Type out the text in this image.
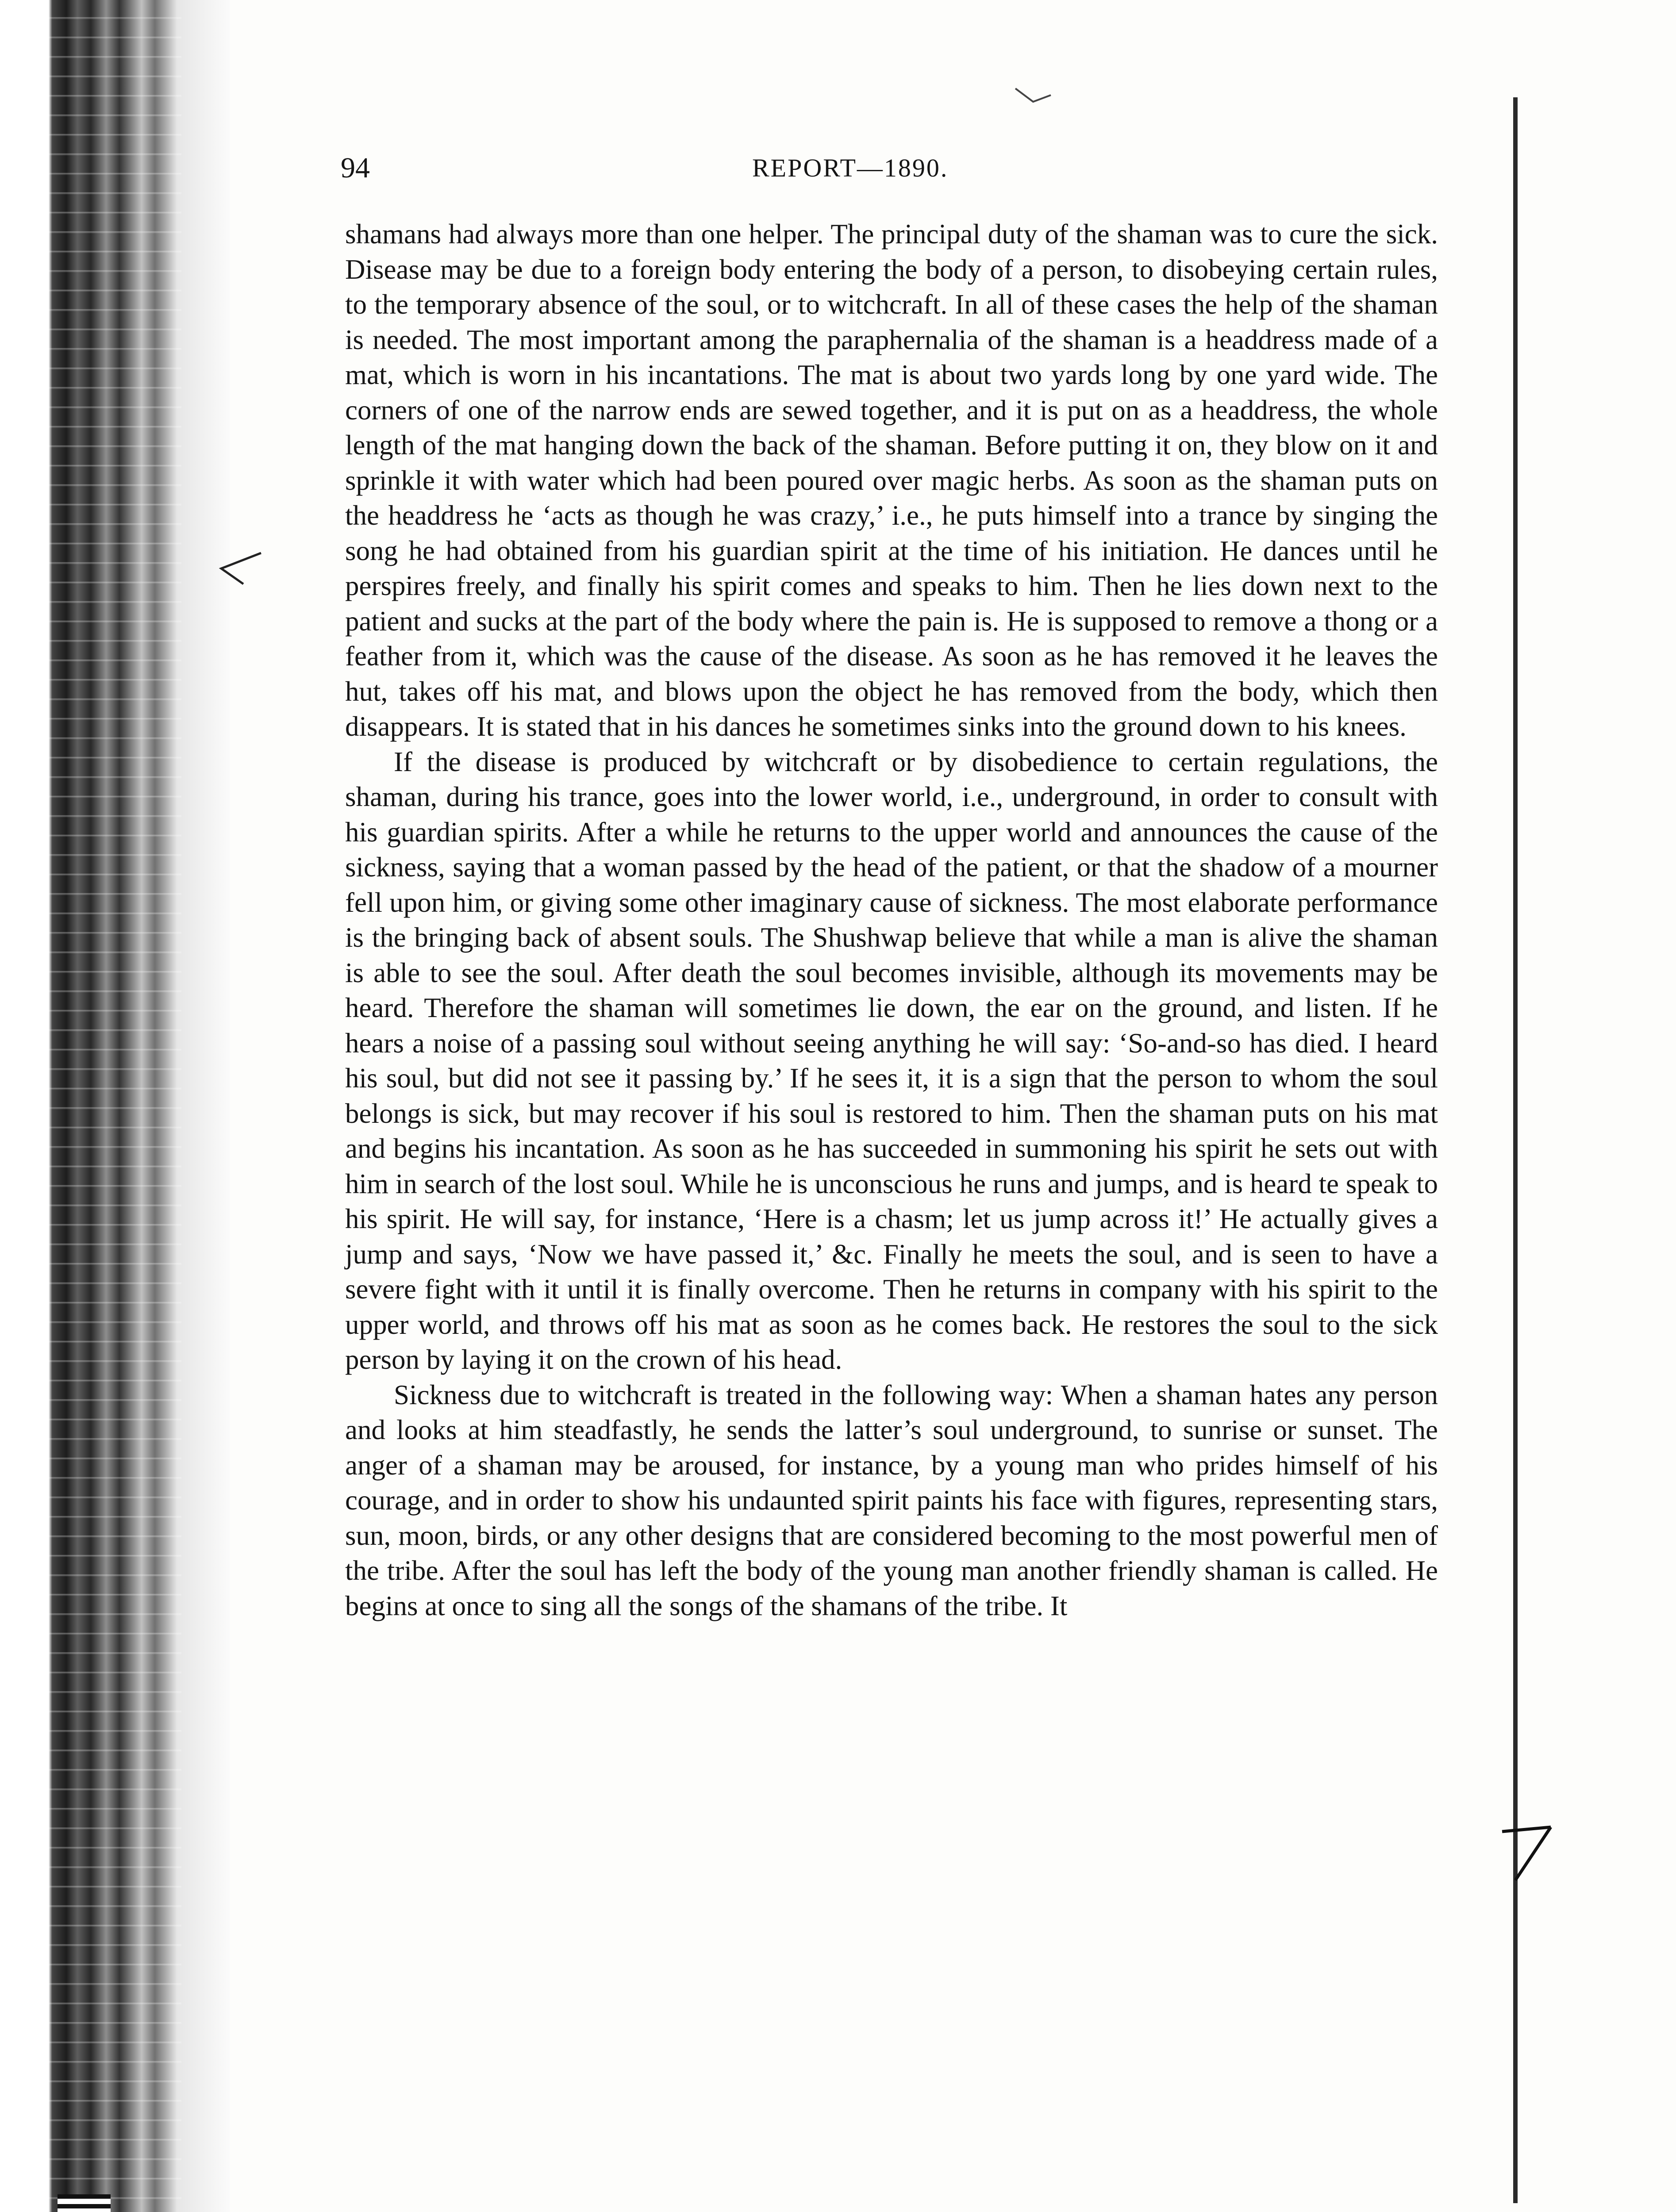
94	REPORT—1890.

shamans had always more than one helper. The principal duty of the shaman was to cure the sick. Disease may be due to a foreign body entering the body of a person, to disobeying certain rules, to the temporary absence of the soul, or to witchcraft. In all of these cases the help of the shaman is needed. The most important among the paraphernalia of the shaman is a headdress made of a mat, which is worn in his incantations. The mat is about two yards long by one yard wide. The corners of one of the narrow ends are sewed together, and it is put on as a headdress, the whole length of the mat hanging down the back of the shaman. Before putting it on, they blow on it and sprinkle it with water which had been poured over magic herbs. As soon as the shaman puts on the headdress he ‘acts as though he was crazy,’ i.e., he puts himself into a trance by singing the song he had obtained from his guardian spirit at the time of his initiation. He dances until he perspires freely, and finally his spirit comes and speaks to him. Then he lies down next to the patient and sucks at the part of the body where the pain is. He is supposed to remove a thong or a feather from it, which was the cause of the disease. As soon as he has removed it he leaves the hut, takes off his mat, and blows upon the object he has removed from the body, which then disappears. It is stated that in his dances he sometimes sinks into the ground down to his knees.

If the disease is produced by witchcraft or by disobedience to certain regulations, the shaman, during his trance, goes into the lower world, i.e., underground, in order to consult with his guardian spirits. After a while he returns to the upper world and announces the cause of the sickness, saying that a woman passed by the head of the patient, or that the shadow of a mourner fell upon him, or giving some other imaginary cause of sickness. The most elaborate performance is the bringing back of absent souls. The Shushwap believe that while a man is alive the shaman is able to see the soul. After death the soul becomes invisible, although its movements may be heard. Therefore the shaman will sometimes lie down, the ear on the ground, and listen. If he hears a noise of a passing soul without seeing anything he will say: ‘So-and-so has died. I heard his soul, but did not see it passing by.’ If he sees it, it is a sign that the person to whom the soul belongs is sick, but may recover if his soul is restored to him. Then the shaman puts on his mat and begins his incantation. As soon as he has succeeded in summoning his spirit he sets out with him in search of the lost soul. While he is unconscious he runs and jumps, and is heard te speak to his spirit. He will say, for instance, ‘Here is a chasm; let us jump across it!’ He actually gives a jump and says, ‘Now we have passed it,’ &c. Finally he meets the soul, and is seen to have a severe fight with it until it is finally overcome. Then he returns in company with his spirit to the upper world, and throws off his mat as soon as he comes back. He restores the soul to the sick person by laying it on the crown of his head.

Sickness due to witchcraft is treated in the following way: When a shaman hates any person and looks at him steadfastly, he sends the latter’s soul underground, to sunrise or sunset. The anger of a shaman may be aroused, for instance, by a young man who prides himself of his courage, and in order to show his undaunted spirit paints his face with figures, representing stars, sun, moon, birds, or any other designs that are considered becoming to the most powerful men of the tribe. After the soul has left the body of the young man another friendly shaman is called. He begins at once to sing all the songs of the shamans of the tribe. It
